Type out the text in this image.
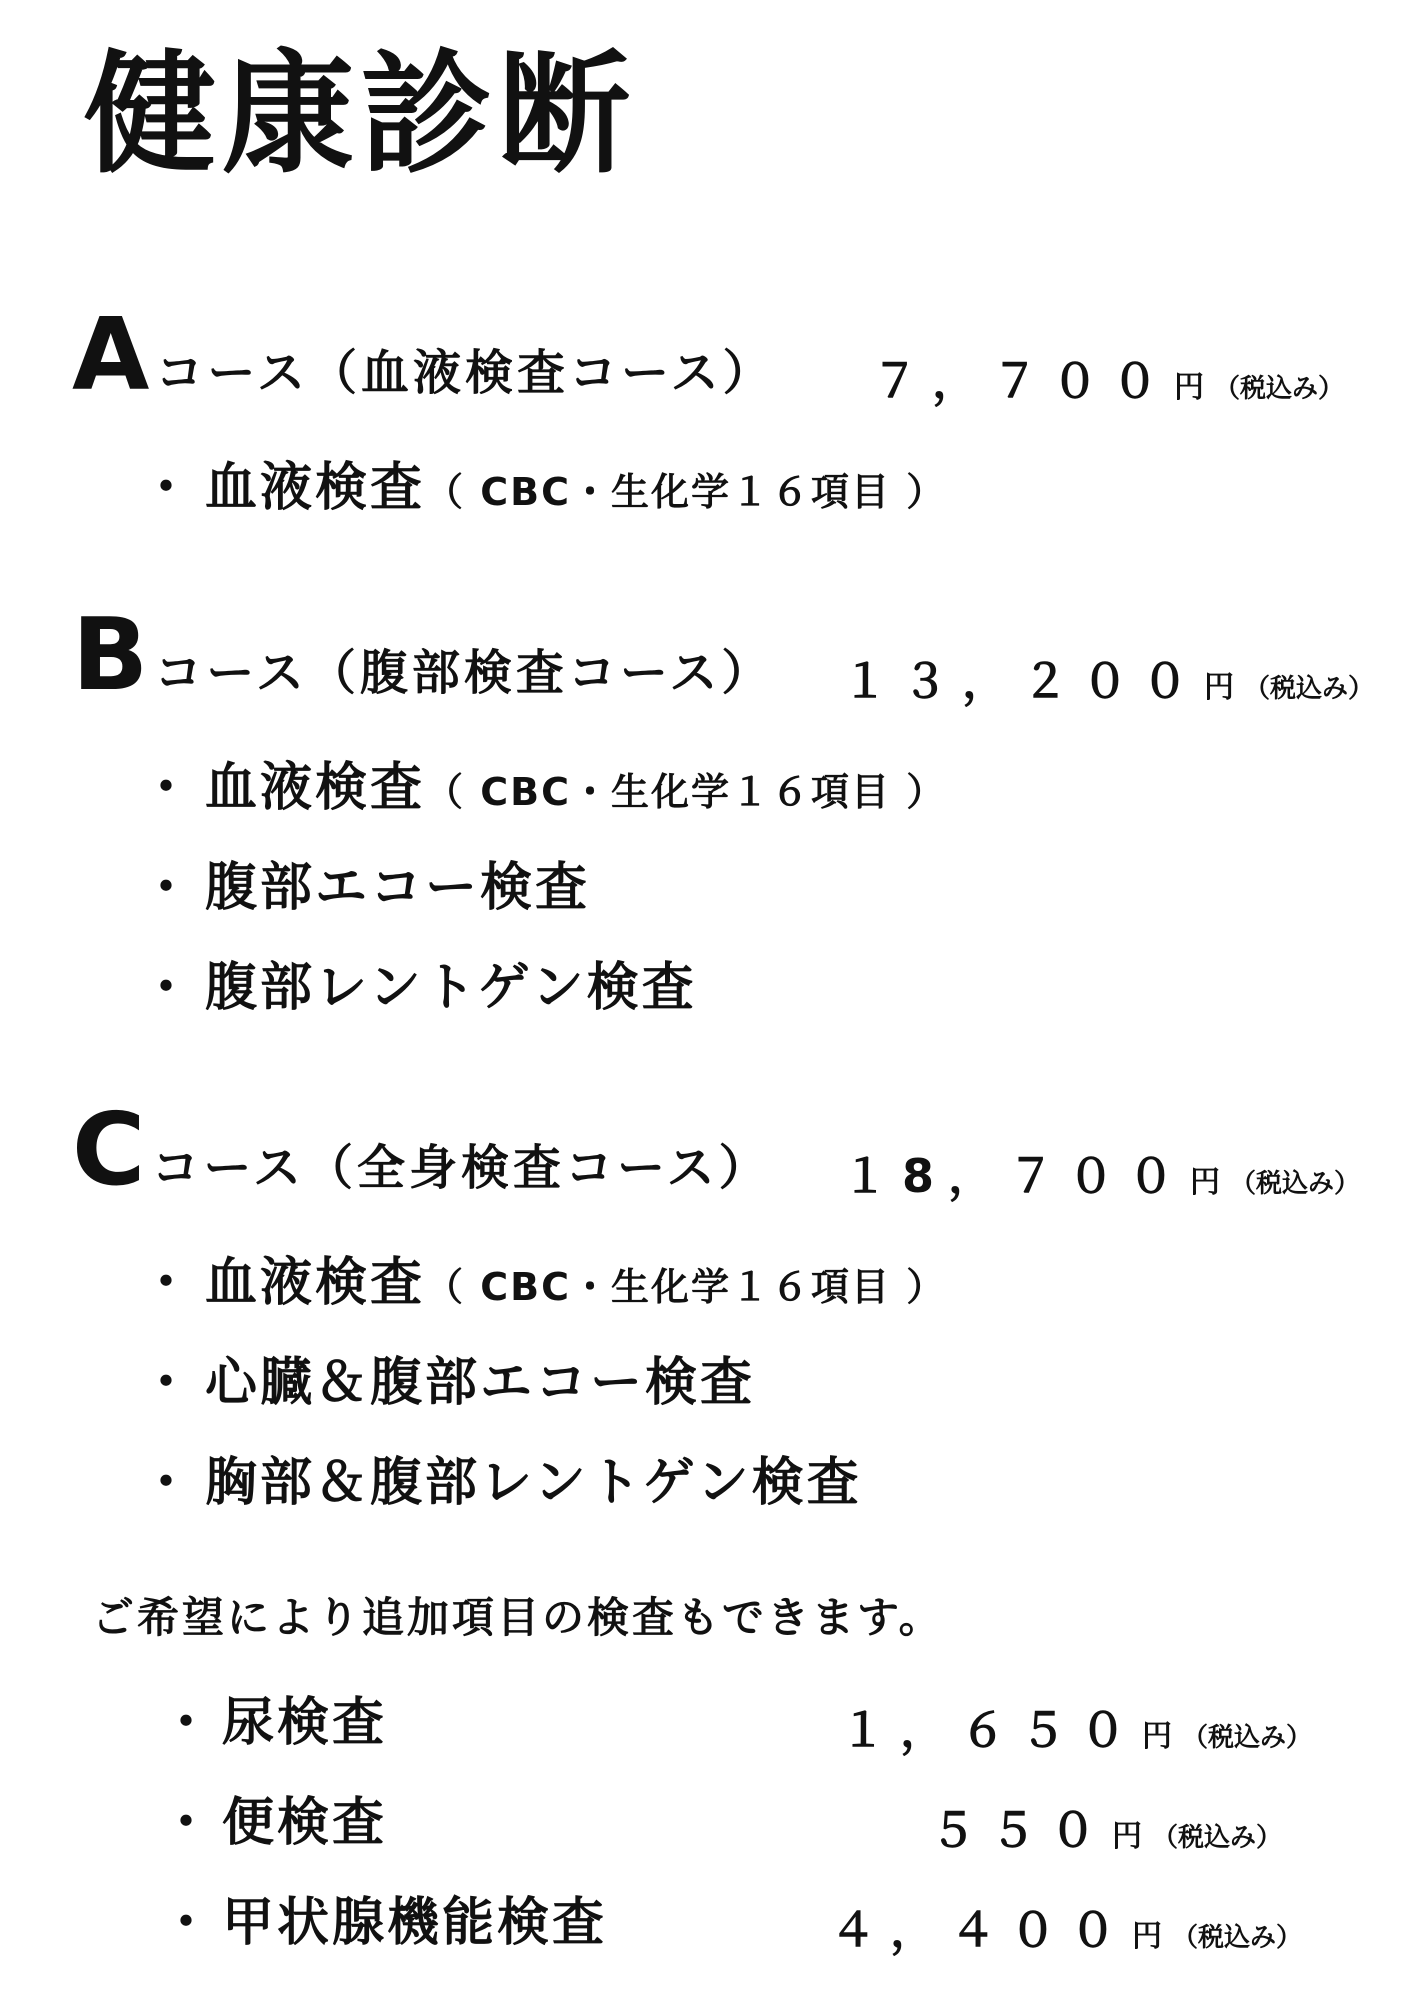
健康診断
A コース（血液検査コース） ７，７００ 円 （税込み）
・ 血液検査（ CBC・生化学１６項目 ）
B コース（腹部検査コース） １３，２００ 円 （税込み）
・ 血液検査（ CBC・生化学１６項目 ）
・ 腹部エコー検査
・ 腹部レントゲン検査
C コース（全身検査コース） １8，７００ 円 （税込み）
・ 血液検査（ CBC・生化学１６項目 ）
・ 心臓＆腹部エコー検査
・ 胸部＆腹部レントゲン検査
ご希望により追加項目の検査もできます。
・ 尿検査	１，６５０ 円 （税込み）
・ 便検査	５５０ 円 （税込み）
・ 甲状腺機能検査	４，４００ 円 （税込み）
